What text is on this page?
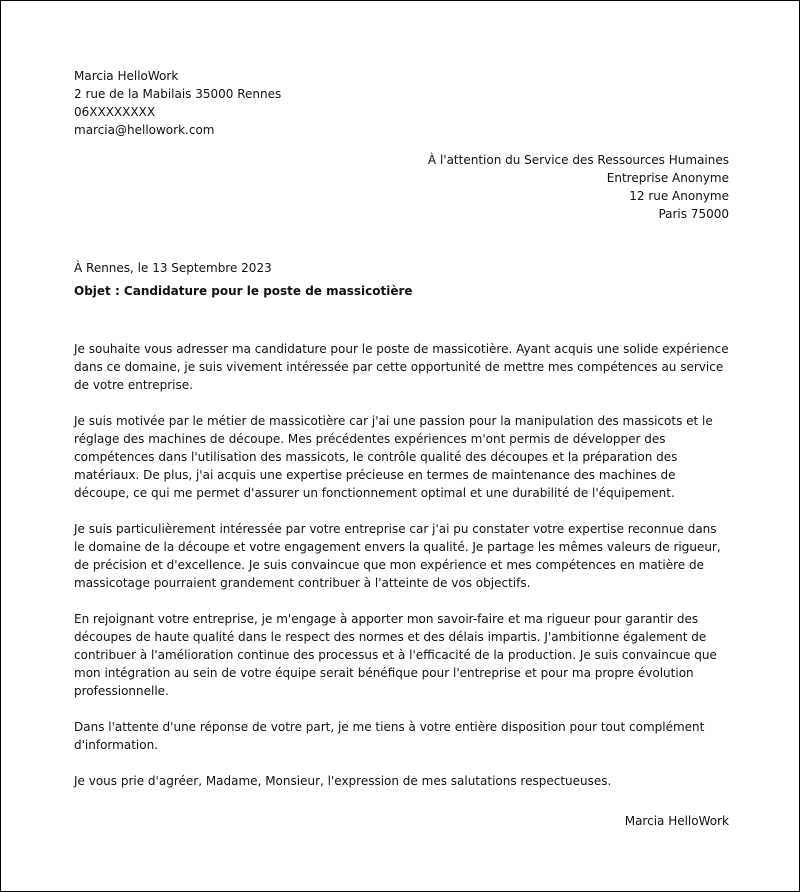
Marcia HelloWork
2 rue de la Mabilais 35000 Rennes
06XXXXXXXX
marcia@hellowork.com
À l'attention du Service des Ressources Humaines
Entreprise Anonyme
12 rue Anonyme
Paris 75000
À Rennes, le 13 Septembre 2023
Objet : Candidature pour le poste de massicotière

Je souhaite vous adresser ma candidature pour le poste de massicotière. Ayant acquis une solide expérience dans ce domaine, je suis vivement intéressée par cette opportunité de mettre mes compétences au service de votre entreprise.

Je suis motivée par le métier de massicotière car j'ai une passion pour la manipulation des massicots et le réglage des machines de découpe. Mes précédentes expériences m'ont permis de développer des compétences dans l'utilisation des massicots, le contrôle qualité des découpes et la préparation des matériaux. De plus, j'ai acquis une expertise précieuse en termes de maintenance des machines de découpe, ce qui me permet d'assurer un fonctionnement optimal et une durabilité de l'équipement.

Je suis particulièrement intéressée par votre entreprise car j'ai pu constater votre expertise reconnue dans le domaine de la découpe et votre engagement envers la qualité. Je partage les mêmes valeurs de rigueur, de précision et d'excellence. Je suis convaincue que mon expérience et mes compétences en matière de massicotage pourraient grandement contribuer à l'atteinte de vos objectifs.

En rejoignant votre entreprise, je m'engage à apporter mon savoir-faire et ma rigueur pour garantir des découpes de haute qualité dans le respect des normes et des délais impartis. J'ambitionne également de contribuer à l'amélioration continue des processus et à l'efficacité de la production. Je suis convaincue que mon intégration au sein de votre équipe serait bénéfique pour l'entreprise et pour ma propre évolution professionnelle.

Dans l'attente d'une réponse de votre part, je me tiens à votre entière disposition pour tout complément d'information.

Je vous prie d'agréer, Madame, Monsieur, l'expression de mes salutations respectueuses.

Marcia HelloWork
